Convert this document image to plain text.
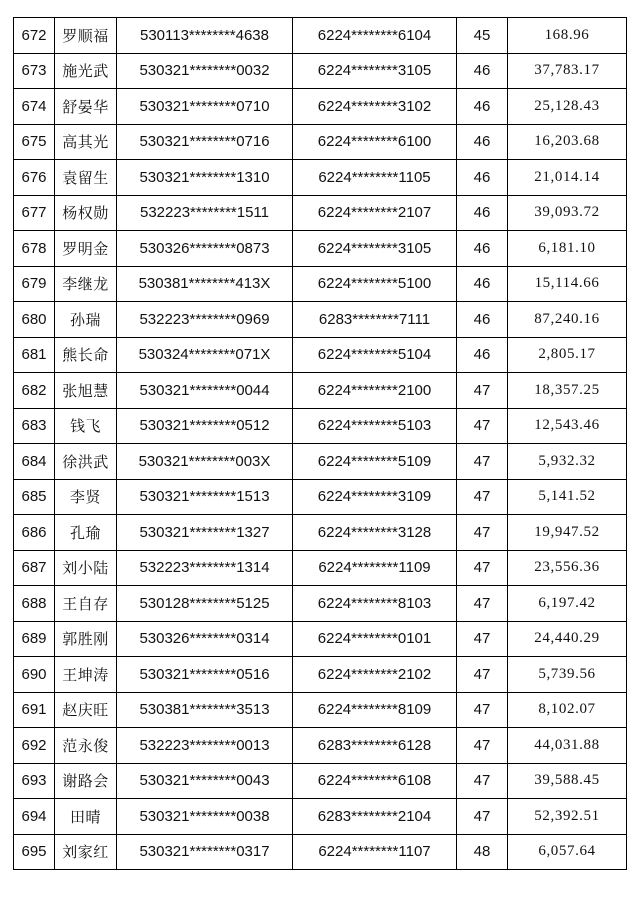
672	罗顺福	530113********4638	6224********6104	45	168.96
673	施光武	530321********0032	6224********3105	46	37,783.17
674	舒晏华	530321********0710	6224********3102	46	25,128.43
675	高其光	530321********0716	6224********6100	46	16,203.68
676	袁留生	530321********1310	6224********1105	46	21,014.14
677	杨权勋	532223********1511	6224********2107	46	39,093.72
678	罗明金	530326********0873	6224********3105	46	6,181.10
679	李继龙	530381********413X	6224********5100	46	15,114.66
680	孙瑞	532223********0969	6283********7111	46	87,240.16
681	熊长命	530324********071X	6224********5104	46	2,805.17
682	张旭慧	530321********0044	6224********2100	47	18,357.25
683	钱飞	530321********0512	6224********5103	47	12,543.46
684	徐洪武	530321********003X	6224********5109	47	5,932.32
685	李贤	530321********1513	6224********3109	47	5,141.52
686	孔瑜	530321********1327	6224********3128	47	19,947.52
687	刘小陆	532223********1314	6224********1109	47	23,556.36
688	王自存	530128********5125	6224********8103	47	6,197.42
689	郭胜刚	530326********0314	6224********0101	47	24,440.29
690	王坤涛	530321********0516	6224********2102	47	5,739.56
691	赵庆旺	530381********3513	6224********8109	47	8,102.07
692	范永俊	532223********0013	6283********6128	47	44,031.88
693	谢路会	530321********0043	6224********6108	47	39,588.45
694	田晴	530321********0038	6283********2104	47	52,392.51
695	刘家红	530321********0317	6224********1107	48	6,057.64
